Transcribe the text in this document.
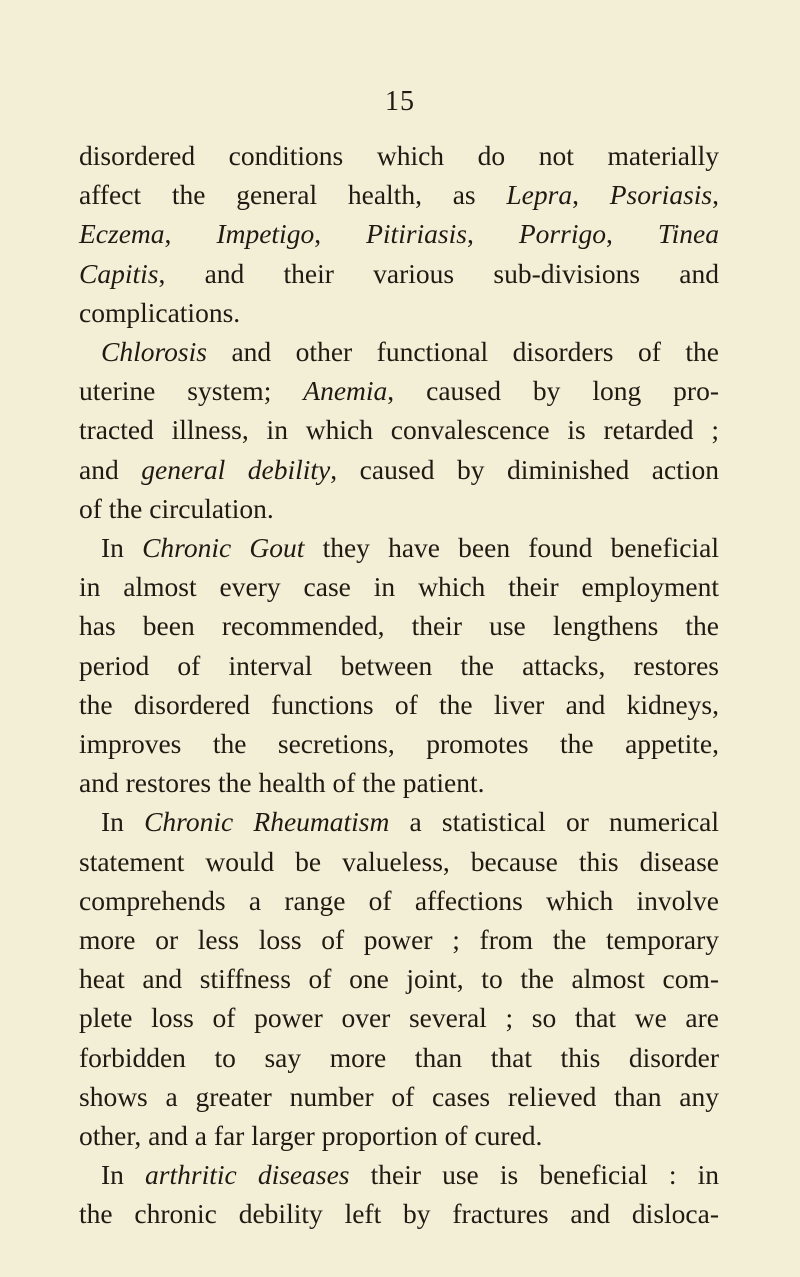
15
disordered conditions which do not materially
affect the general health, as Lepra, Psoriasis,
Eczema, Impetigo, Pitiriasis, Porrigo, Tinea
Capitis, and their various sub-divisions and
complications.
Chlorosis and other functional disorders of the
uterine system; Anemia, caused by long pro-
tracted illness, in which convalescence is retarded ;
and general debility, caused by diminished action
of the circulation.
In Chronic Gout they have been found beneficial
in almost every case in which their employment
has been recommended, their use lengthens the
period of interval between the attacks, restores
the disordered functions of the liver and kidneys,
improves the secretions, promotes the appetite,
and restores the health of the patient.
In Chronic Rheumatism a statistical or numerical
statement would be valueless, because this disease
comprehends a range of affections which involve
more or less loss of power ; from the temporary
heat and stiffness of one joint, to the almost com-
plete loss of power over several ; so that we are
forbidden to say more than that this disorder
shows a greater number of cases relieved than any
other, and a far larger proportion of cured.
In arthritic diseases their use is beneficial : in
the chronic debility left by fractures and disloca-
